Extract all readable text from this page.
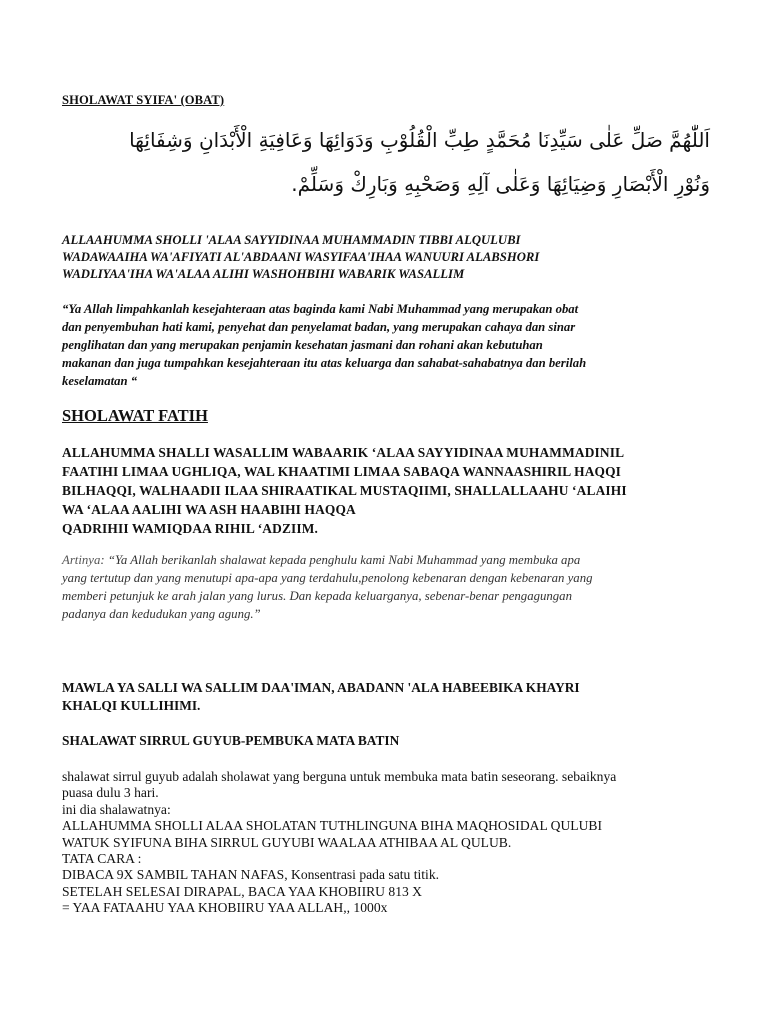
SHOLAWAT SYIFA' (OBAT)
اَللّٰهُمَّ صَلِّ عَلٰى سَيِّدِنَا مُحَمَّدٍ طِبِّ الْقُلُوْبِ وَدَوَائِهَا وَعَافِيَةِ الْأَبْدَانِ وَشِفَائِهَا
وَنُوْرِ الْأَبْصَارِ وَضِيَائِهَا وَعَلٰى آلِهِ وَصَحْبِهِ وَبَارِكْ وَسَلِّمْ.
ALLAAHUMMA SHOLLI 'ALAA SAYYIDINAA MUHAMMADIN TIBBI ALQULUBI
WADAWAAIHA WA'AFIYATI AL'ABDAANI WASYIFAA'IHAA WANUURI ALABSHORI
WADLIYAA'IHA WA'ALAA ALIHI WASHOHBIHI WABARIK WASALLIM
“Ya Allah limpahkanlah kesejahteraan atas baginda kami Nabi Muhammad yang merupakan obat
dan penyembuhan hati kami, penyehat dan penyelamat badan, yang merupakan cahaya dan sinar
penglihatan dan yang merupakan penjamin kesehatan jasmani dan rohani akan kebutuhan
makanan dan juga tumpahkan kesejahteraan itu atas keluarga dan sahabat-sahabatnya dan berilah
keselamatan “
SHOLAWAT FATIH
ALLAHUMMA SHALLI WASALLIM WABAARIK ‘ALAA SAYYIDINAA MUHAMMADINIL
FAATIHI LIMAA UGHLIQA, WAL KHAATIMI LIMAA SABAQA WANNAASHIRIL HAQQI
BILHAQQI, WALHAADII ILAA SHIRAATIKAL MUSTAQIIMI, SHALLALLAAHU ‘ALAIHI
WA ‘ALAA AALIHI WA ASH HAABIHI HAQQA
QADRIHII WAMIQDAA RIHIL ‘ADZIIM.
Artinya: “Ya Allah berikanlah shalawat kepada penghulu kami Nabi Muhammad yang membuka apa
yang tertutup dan yang menutupi apa-apa yang terdahulu,penolong kebenaran dengan kebenaran yang
memberi petunjuk ke arah jalan yang lurus. Dan kepada keluarganya, sebenar-benar pengagungan
padanya dan kedudukan yang agung.”
MAWLA YA SALLI WA SALLIM DAA'IMAN, ABADANN 'ALA HABEEBIKA KHAYRI
KHALQI KULLIHIMI.
SHALAWAT SIRRUL GUYUB-PEMBUKA MATA BATIN
shalawat sirrul guyub adalah sholawat yang berguna untuk membuka mata batin seseorang. sebaiknya
puasa dulu 3 hari.
ini dia shalawatnya:
ALLAHUMMA SHOLLI ALAA SHOLATAN TUTHLINGUNA BIHA MAQHOSIDAL QULUBI
WATUK SYIFUNA BIHA SIRRUL GUYUBI WAALAA ATHIBAA AL QULUB.
TATA CARA :
DIBACA 9X SAMBIL TAHAN NAFAS, Konsentrasi pada satu titik.
SETELAH SELESAI DIRAPAL, BACA YAA KHOBIIRU 813 X
= YAA FATAAHU YAA KHOBIIRU YAA ALLAH,, 1000x
